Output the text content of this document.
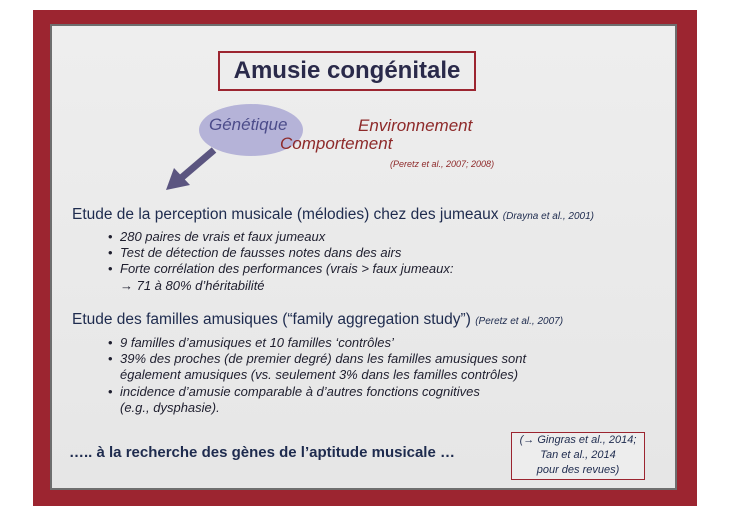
Amusie congénitale
Génétique	Environnement
Comportement
(Peretz et al., 2007; 2008)
Etude de la perception musicale (mélodies) chez des jumeaux (Drayna et al., 2001)
• 280 paires de vrais et faux jumeaux
• Test de détection de fausses notes dans des airs
• Forte corrélation des performances (vrais > faux jumeaux:
→ 71 à 80% d’héritabilité
Etude des familles amusiques (“family aggregation study”) (Peretz et al., 2007)
• 9 familles d’amusiques et 10 familles ‘contrôles’
• 39% des proches (de premier degré) dans les familles amusiques sont
également amusiques (vs. seulement 3% dans les familles contrôles)
• incidence d’amusie comparable à d’autres fonctions cognitives
(e.g., dysphasie).
….. à la recherche des gènes de l’aptitude musicale …
(→ Gingras et al., 2014;
Tan et al., 2014
pour des revues)
